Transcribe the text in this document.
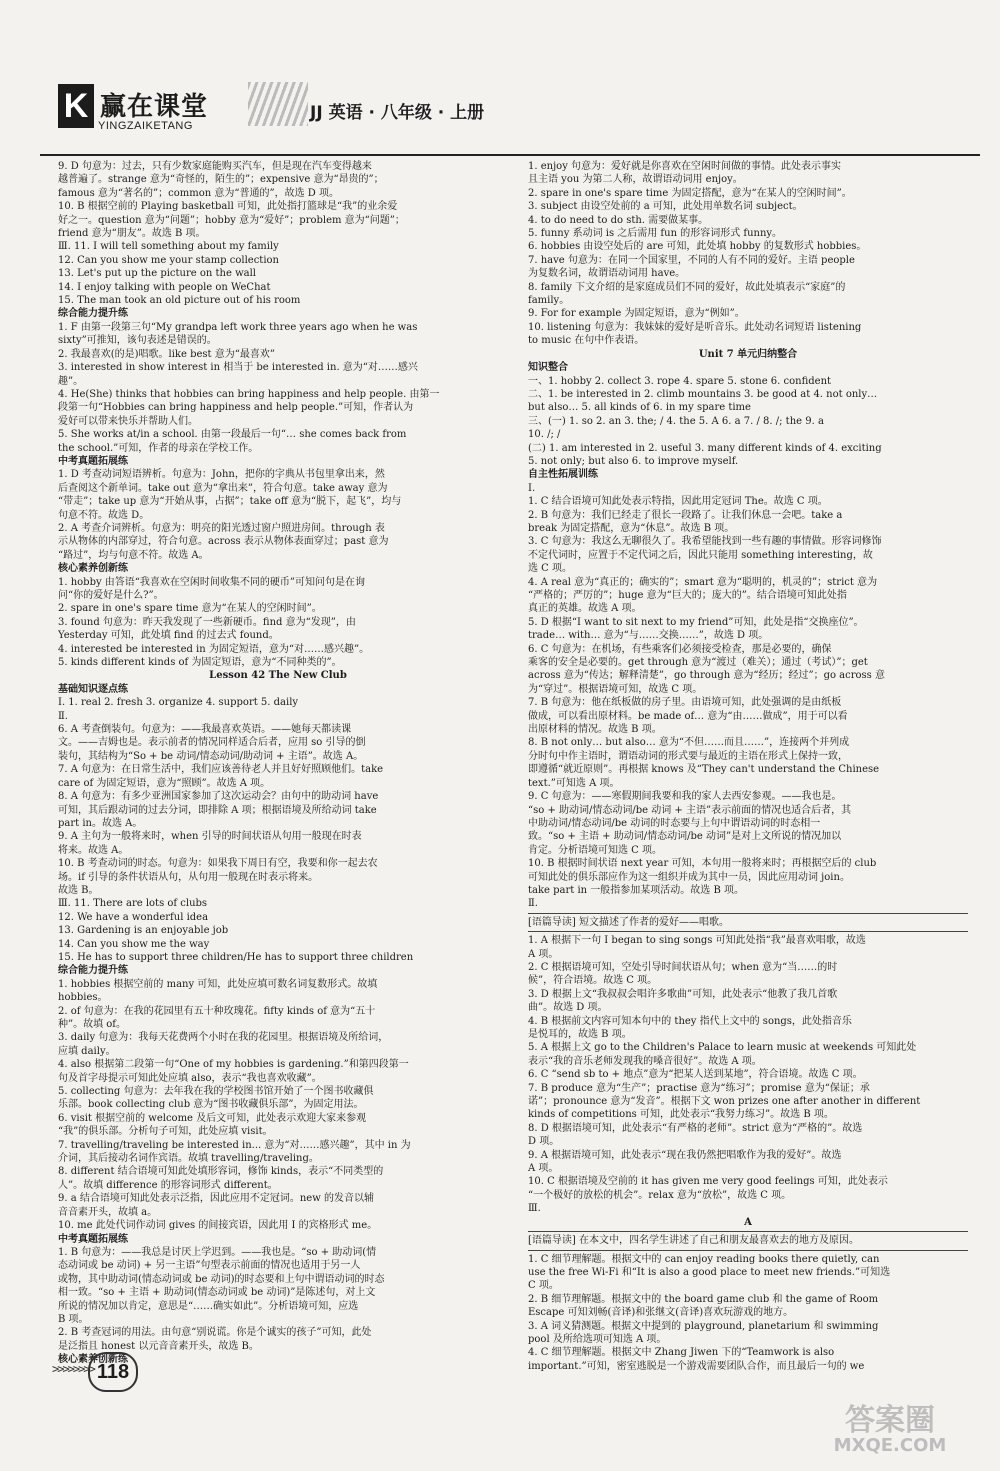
K 赢在课堂
YINGZAIKETANG
JJ 英语 · 八年级 · 上册
9. D 句意为：过去，只有少数家庭能购买汽车，但是现在汽车变得越来
越普遍了。strange 意为“奇怪的，陌生的”；expensive 意为“昂贵的”；
famous 意为“著名的”；common 意为“普通的”，故选 D 项。
10. B 根据空前的 Playing basketball 可知，此处指打篮球是“我”的业余爱
好之一。question 意为“问题”；hobby 意为“爱好”；problem 意为“问题”；
friend 意为“朋友”。故选 B 项。
Ⅲ. 11. I will tell something about my family
12. Can you show me your stamp collection
13. Let's put up the picture on the wall
14. I enjoy talking with people on WeChat
15. The man took an old picture out of his room
综合能力提升练
1. F 由第一段第三句“My grandpa left work three years ago when he was
sixty”可推知，该句表述是错误的。
2. 我最喜欢(的是)唱歌。like best 意为“最喜欢”
3. interested in show interest in 相当于 be interested in. 意为“对……感兴
趣”。
4. He(She) thinks that hobbies can bring happiness and help people. 由第一
段第一句“Hobbies can bring happiness and help people.”可知，作者认为
爱好可以带来快乐并帮助人们。
5. She works at/in a school. 由第一段最后一句“… she comes back from
the school.”可知，作者的母亲在学校工作。
中考真题拓展练
1. D 考查动词短语辨析。句意为：John，把你的字典从书包里拿出来，然
后查阅这个新单词。take out 意为“拿出来”，符合句意。take away 意为
“带走”；take up 意为“开始从事，占据”；take off 意为“脱下，起飞”，均与
句意不符。故选 D。
2. A 考查介词辨析。句意为：明亮的阳光透过窗户照进房间。through 表
示从物体的内部穿过，符合句意。across 表示从物体表面穿过；past 意为
“路过”，均与句意不符。故选 A。
核心素养创新练
1. hobby 由答语“我喜欢在空闲时间收集不同的硬币”可知问句是在询
问“你的爱好是什么?”。
2. spare in one's spare time 意为“在某人的空闲时间”。
3. found 句意为：昨天我发现了一些新硬币。find 意为“发现”，由
Yesterday 可知，此处填 find 的过去式 found。
4. interested be interested in 为固定短语，意为“对……感兴趣”。
5. kinds different kinds of 为固定短语，意为“不同种类的”。
Lesson 42 The New Club
基础知识逐点练
Ⅰ. 1. real 2. fresh 3. organize 4. support 5. daily
Ⅱ.
6. A 考查倒装句。句意为：——我最喜欢英语。——她每天都读课
文。——吉姆也是。表示前者的情况同样适合后者，应用 so 引导的倒
装句，其结构为“So + be 动词/情态动词/助动词 + 主语”。故选 A。
7. A 句意为：在日常生活中，我们应该善待老人并且好好照顾他们。take
care of 为固定短语，意为“照顾”。故选 A 项。
8. A 句意为：有多少亚洲国家参加了这次运动会？由句中的助动词 have
可知，其后跟动词的过去分词，即排除 A 项；根据语境及所给动词 take
part in。故选 A。
9. A 主句为一般将来时，when 引导的时间状语从句用一般现在时表
将来。故选 A。
10. B 考查动词的时态。句意为：如果我下周日有空，我要和你一起去农
场。if 引导的条件状语从句，从句用一般现在时表示将来。
故选 B。
Ⅲ. 11. There are lots of clubs
12. We have a wonderful idea
13. Gardening is an enjoyable job
14. Can you show me the way
15. He has to support three children/He has to support three children
综合能力提升练
1. hobbies 根据空前的 many 可知，此处应填可数名词复数形式。故填
hobbies。
2. of 句意为：在我的花园里有五十种玫瑰花。fifty kinds of 意为“五十
种”。故填 of。
3. daily 句意为：我每天花费两个小时在我的花园里。根据语境及所给词，
应填 daily。
4. also 根据第二段第一句“One of my hobbies is gardening.”和第四段第一
句及首字母提示可知此处应填 also，表示“我也喜欢收藏”。
5. collecting 句意为：去年我在我的学校图书馆开始了一个图书收藏俱
乐部。book collecting club 意为“图书收藏俱乐部”，为固定用法。
6. visit 根据空前的 welcome 及后文可知，此处表示欢迎大家来参观
“我”的俱乐部。分析句子可知，此处应填 visit。
7. travelling/traveling be interested in... 意为“对……感兴趣”，其中 in 为
介词，其后接动名词作宾语。故填 travelling/traveling。
8. different 结合语境可知此处填形容词，修饰 kinds，表示“不同类型的
人”。故填 difference 的形容词形式 different。
9. a 结合语境可知此处表示泛指，因此应用不定冠词。new 的发音以辅
音音素开头，故填 a。
10. me 此处代词作动词 gives 的间接宾语，因此用 I 的宾格形式 me。
中考真题拓展练
1. B 句意为：——我总是讨厌上学迟到。——我也是。“so + 助动词(情
态动词或 be 动词) + 另一主语”句型表示前面的情况也适用于另一人
或物，其中助动词(情态动词或 be 动词)的时态要和上句中谓语动词的时态
相一致。“so + 主语 + 助动词(情态动词或 be 动词)”是陈述句，对上文
所说的情况加以肯定，意思是“……确实如此”。分析语境可知，应选
B 项。
2. B 考查冠词的用法。由句意“别说谎。你是个诚实的孩子”可知，此处
是泛指且 honest 以元音音素开头，故选 B。
核心素养创新练
1. enjoy 句意为：爱好就是你喜欢在空闲时间做的事情。此处表示事实
且主语 you 为第二人称，故谓语动词用 enjoy。
2. spare in one's spare time 为固定搭配，意为“在某人的空闲时间”。
3. subject 由设空处前的 a 可知，此处用单数名词 subject。
4. to do need to do sth. 需要做某事。
5. funny 系动词 is 之后需用 fun 的形容词形式 funny。
6. hobbies 由设空处后的 are 可知，此处填 hobby 的复数形式 hobbies。
7. have 句意为：在同一个国家里，不同的人有不同的爱好。主语 people
为复数名词，故谓语动词用 have。
8. family 下文介绍的是家庭成员们不同的爱好，故此处填表示“家庭”的
family。
9. For for example 为固定短语，意为“例如”。
10. listening 句意为：我妹妹的爱好是听音乐。此处动名词短语 listening
to music 在句中作表语。
Unit 7 单元归纳整合
知识整合
一、1. hobby 2. collect 3. rope 4. spare 5. stone 6. confident
二、1. be interested in 2. climb mountains 3. be good at 4. not only…
but also… 5. all kinds of 6. in my spare time
三、(一) 1. so 2. an 3. the; / 4. the 5. A 6. a 7. / 8. /; the 9. a
10. /; /
(二) 1. am interested in 2. useful 3. many different kinds of 4. exciting
5. not only; but also 6. to improve myself.
自主性拓展训练
Ⅰ.
1. C 结合语境可知此处表示特指，因此用定冠词 The。故选 C 项。
2. B 句意为：我们已经走了很长一段路了。让我们休息一会吧。take a
break 为固定搭配，意为“休息”。故选 B 项。
3. C 句意为：我这么无聊很久了。我希望能找到一些有趣的事情做。形容词修饰
不定代词时，应置于不定代词之后，因此只能用 something interesting，故
选 C 项。
4. A real 意为“真正的；确实的”；smart 意为“聪明的，机灵的”；strict 意为
“严格的；严厉的”；huge 意为“巨大的；庞大的”。结合语境可知此处指
真正的英雄。故选 A 项。
5. D 根据“I want to sit next to my friend”可知，此处是指“交换座位”。
trade… with… 意为“与……交换……”，故选 D 项。
6. C 句意为：在机场，有些乘客们必须接受检查，那是必要的，确保
乘客的安全是必要的。get through 意为“渡过（难关）；通过（考试）”；get
across 意为“传达；解释清楚”，go through 意为“经历；经过”；go across 意
为“穿过”。根据语境可知，故选 C 项。
7. B 句意为：他在纸板做的房子里。由语境可知，此处强调的是由纸板
做成，可以看出原材料。be made of… 意为“由……做成”，用于可以看
出原材料的情况。故选 B 项。
8. B not only… but also… 意为“不但……而且……”，连接两个并列成
分时句中作主语时，谓语动词的形式要与最近的主语在形式上保持一致，
即遵循“就近原则”。再根据 knows 及“They can't understand the Chinese
text.”可知选 A 项。
9. C 句意为：——寒假期间我要和我的家人去西安参观。——我也是。
“so + 助动词/情态动词/be 动词 + 主语”表示前面的情况也适合后者，其
中助动词/情态动词/be 动词的时态要与上句中谓语动词的时态相一
致。“so + 主语 + 助动词/情态动词/be 动词”是对上文所说的情况加以
肯定。分析语境可知选 C 项。
10. B 根据时间状语 next year 可知，本句用一般将来时；再根据空后的 club
可知此处的俱乐部应作为这一组织并成为其中一员，因此应用动词 join。
take part in 一般指参加某项活动。故选 B 项。
Ⅱ.
[语篇导读] 短文描述了作者的爱好——唱歌。
1. A 根据下一句 I began to sing songs 可知此处指“我”最喜欢唱歌，故选
A 项。
2. C 根据语境可知，空处引导时间状语从句；when 意为“当……的时
候”，符合语境。故选 C 项。
3. D 根据上文“我叔叔会唱许多歌曲”可知，此处表示“他教了我几首歌
曲”。故选 D 项。
4. B 根据前文内容可知本句中的 they 指代上文中的 songs，此处指音乐
是悦耳的，故选 B 项。
5. A 根据上文 go to the Children's Palace to learn music at weekends 可知此处
表示“我的音乐老师发现我的嗓音很好”。故选 A 项。
6. C “send sb to + 地点”意为“把某人送到某地”，符合语境。故选 C 项。
7. B produce 意为“生产”；practise 意为“练习”；promise 意为“保证；承
诺”；pronounce 意为“发音”。根据下文 won prizes one after another in different
kinds of competitions 可知，此处表示“我努力练习”。故选 B 项。
8. D 根据语境可知，此处表示“有严格的老师”。strict 意为“严格的”。故选
D 项。
9. A 根据语境可知，此处表示“现在我仍然把唱歌作为我的爱好”。故选
A 项。
10. C 根据语境及空前的 it has given me very good feelings 可知，此处表示
“一个极好的放松的机会”。relax 意为“放松”，故选 C 项。
Ⅲ.
A
[语篇导读] 在本文中，四名学生讲述了自己和朋友最喜欢去的地方及原因。
1. C 细节理解题。根据文中的 can enjoy reading books there quietly, can
use the free Wi-Fi 和“It is also a good place to meet new friends.”可知选
C 项。
2. B 细节理解题。根据文中的 the board game club 和 the game of Room
Escape 可知刘畅(音译)和张继文(音译)喜欢玩游戏的地方。
3. A 词义猜测题。根据文中提到的 playground, planetarium 和 swimming
pool 及所给选项可知选 A 项。
4. C 细节理解题。根据文中 Zhang Jiwen 下的“Teamwork is also
important.”可知，密室逃脱是一个游戏需要团队合作，而且最后一句的 we
>>>>>>>> 118
答案圈
MXQE.COM
